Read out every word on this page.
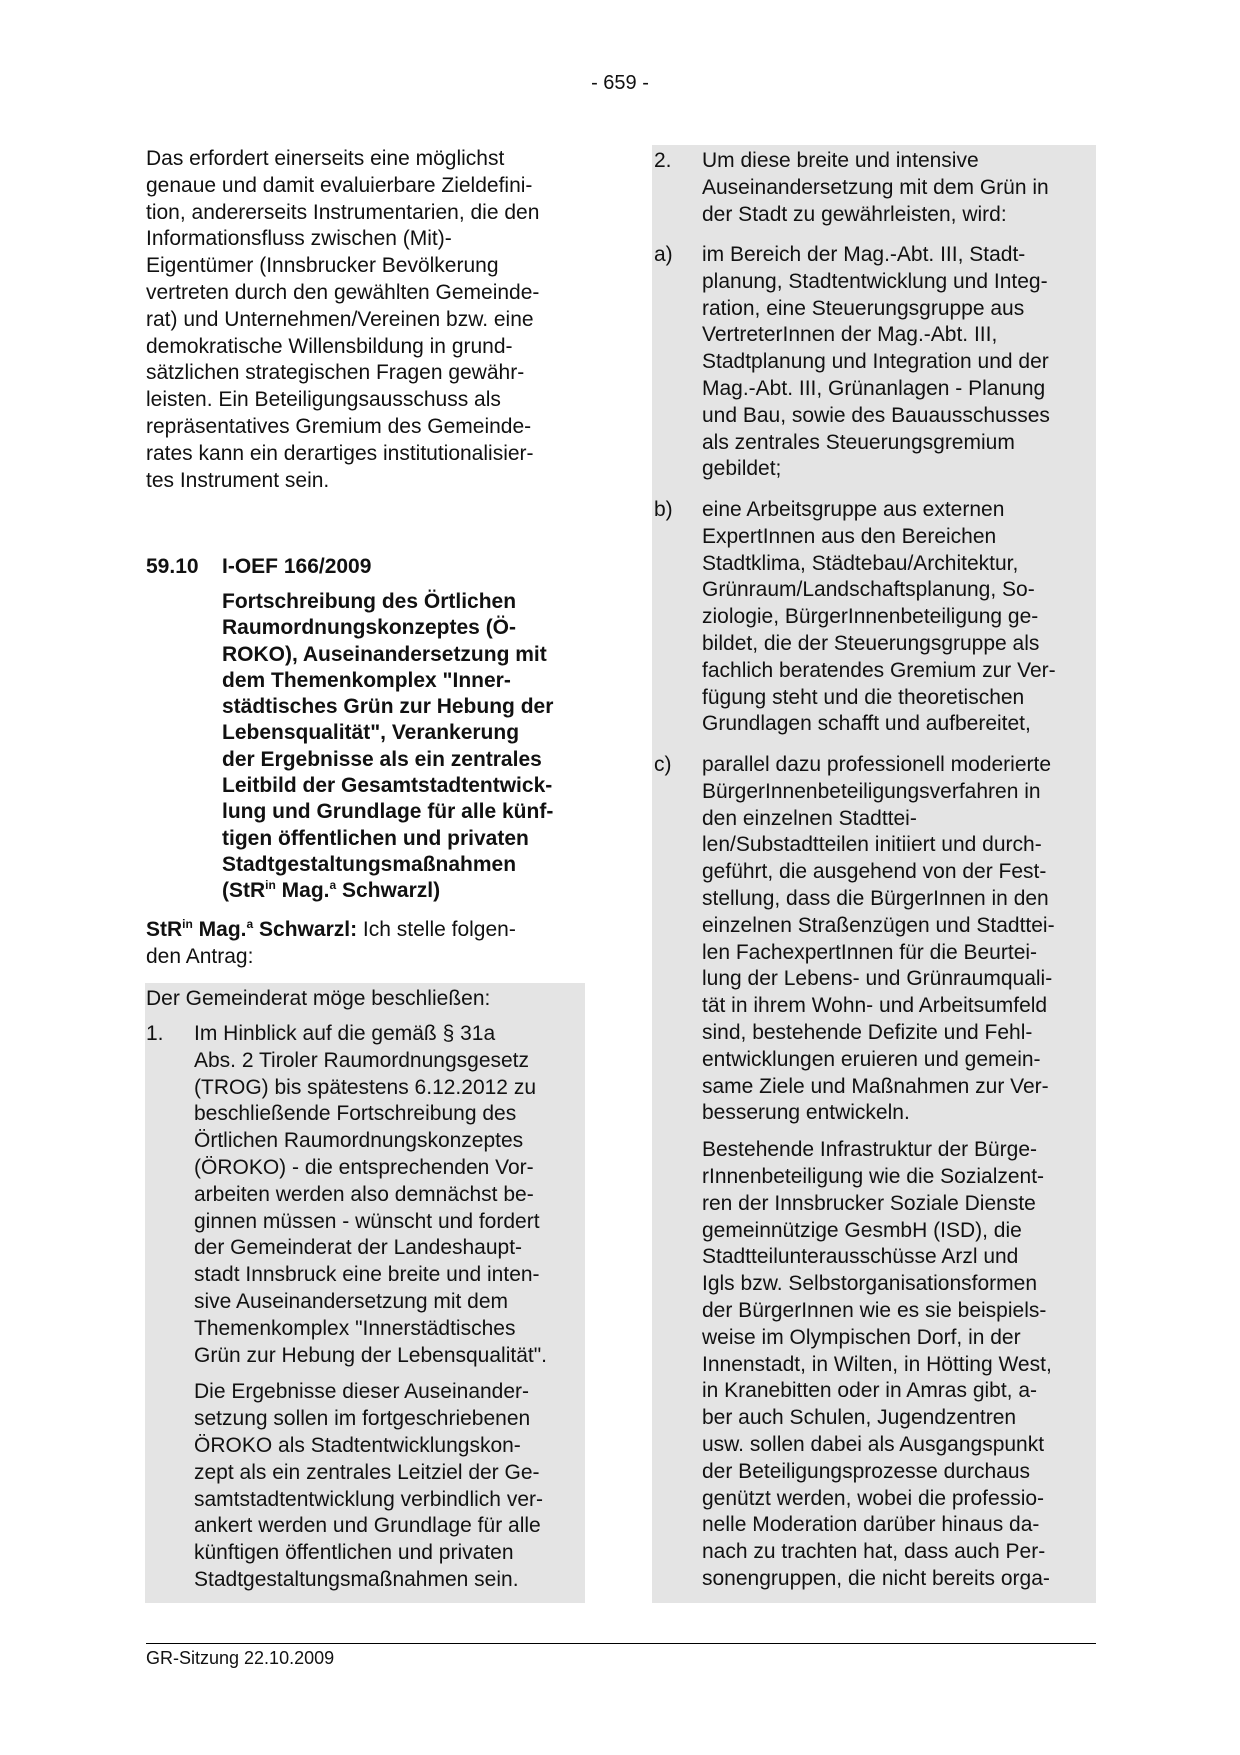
- 659 -
Das erfordert einerseits eine möglichst
genaue und damit evaluierbare Zieldefini-
tion, andererseits Instrumentarien, die den
Informationsfluss zwischen (Mit)-
Eigentümer (Innsbrucker Bevölkerung
vertreten durch den gewählten Gemeinde-
rat) und Unternehmen/Vereinen bzw. eine
demokratische Willensbildung in grund-
sätzlichen strategischen Fragen gewähr-
leisten. Ein Beteiligungsausschuss als
repräsentatives Gremium des Gemeinde-
rates kann ein derartiges institutionalisier-
tes Instrument sein.
59.10 I-OEF 166/2009
Fortschreibung des Örtlichen
Raumordnungskonzeptes (Ö-
ROKO), Auseinandersetzung mit
dem Themenkomplex "Inner-
städtisches Grün zur Hebung der
Lebensqualität", Verankerung
der Ergebnisse als ein zentrales
Leitbild der Gesamtstadtentwick-
lung und Grundlage für alle künf-
tigen öffentlichen und privaten
Stadtgestaltungsmaßnahmen
(StR$^{in}$ Mag.$^a$ Schwarzl)
StR$^{in}$ Mag.$^a$ Schwarzl: Ich stelle folgen-
den Antrag:
Der Gemeinderat möge beschließen:
1. Im Hinblick auf die gemäß § 31a
Abs. 2 Tiroler Raumordnungsgesetz
(TROG) bis spätestens 6.12.2012 zu
beschließende Fortschreibung des
Örtlichen Raumordnungskonzeptes
(ÖROKO) - die entsprechenden Vor-
arbeiten werden also demnächst be-
ginnen müssen - wünscht und fordert
der Gemeinderat der Landeshaupt-
stadt Innsbruck eine breite und inten-
sive Auseinandersetzung mit dem
Themenkomplex "Innerstädtisches
Grün zur Hebung der Lebensqualität".
Die Ergebnisse dieser Auseinander-
setzung sollen im fortgeschriebenen
ÖROKO als Stadtentwicklungskon-
zept als ein zentrales Leitziel der Ge-
samtstadtentwicklung verbindlich ver-
ankert werden und Grundlage für alle
künftigen öffentlichen und privaten
Stadtgestaltungsmaßnahmen sein.
2. Um diese breite und intensive
Auseinandersetzung mit dem Grün in
der Stadt zu gewährleisten, wird:
a) im Bereich der Mag.-Abt. III, Stadt-
planung, Stadtentwicklung und Integ-
ration, eine Steuerungsgruppe aus
VertreterInnen der Mag.-Abt. III,
Stadtplanung und Integration und der
Mag.-Abt. III, Grünanlagen - Planung
und Bau, sowie des Bauausschusses
als zentrales Steuerungsgremium
gebildet;
b) eine Arbeitsgruppe aus externen
ExpertInnen aus den Bereichen
Stadtklima, Städtebau/Architektur,
Grünraum/Landschaftsplanung, So-
ziologie, BürgerInnenbeteiligung ge-
bildet, die der Steuerungsgruppe als
fachlich beratendes Gremium zur Ver-
fügung steht und die theoretischen
Grundlagen schafft und aufbereitet,
c) parallel dazu professionell moderierte
BürgerInnenbeteiligungsverfahren in
den einzelnen Stadttei-
len/Substadtteilen initiiert und durch-
geführt, die ausgehend von der Fest-
stellung, dass die BürgerInnen in den
einzelnen Straßenzügen und Stadttei-
len FachexpertInnen für die Beurtei-
lung der Lebens- und Grünraumquali-
tät in ihrem Wohn- und Arbeitsumfeld
sind, bestehende Defizite und Fehl-
entwicklungen eruieren und gemein-
same Ziele und Maßnahmen zur Ver-
besserung entwickeln.
Bestehende Infrastruktur der Bürge-
rInnenbeteiligung wie die Sozialzent-
ren der Innsbrucker Soziale Dienste
gemeinnützige GesmbH (ISD), die
Stadtteilunterausschüsse Arzl und
Igls bzw. Selbstorganisationsformen
der BürgerInnen wie es sie beispiels-
weise im Olympischen Dorf, in der
Innenstadt, in Wilten, in Hötting West,
in Kranebitten oder in Amras gibt, a-
ber auch Schulen, Jugendzentren
usw. sollen dabei als Ausgangspunkt
der Beteiligungsprozesse durchaus
genützt werden, wobei die professio-
nelle Moderation darüber hinaus da-
nach zu trachten hat, dass auch Per-
sonengruppen, die nicht bereits orga-
GR-Sitzung 22.10.2009
